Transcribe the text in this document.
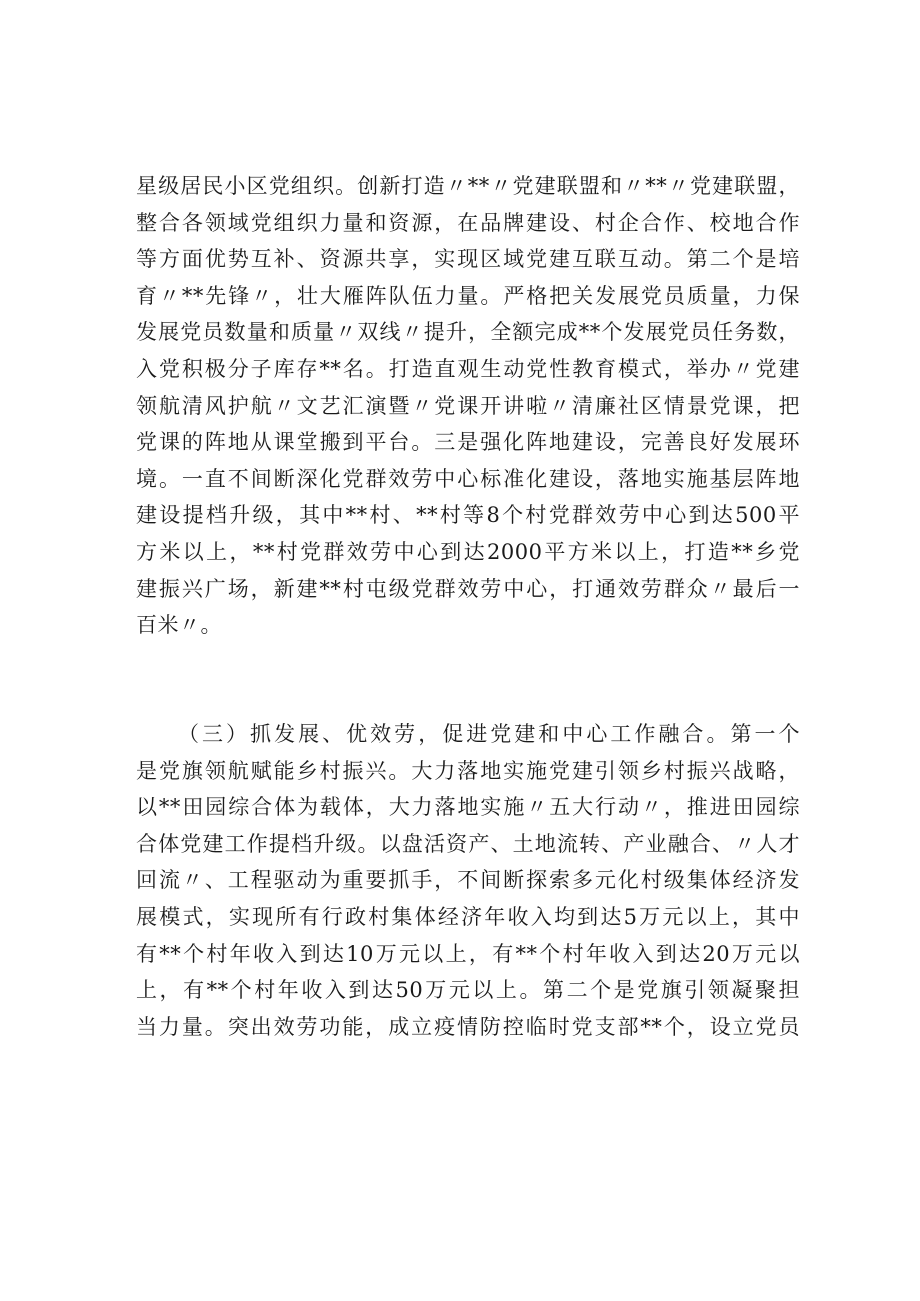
星级居民小区党组织。创新打造〃**〃党建联盟和〃**〃党建联盟，
整合各领域党组织力量和资源，在品牌建设、村企合作、校地合作
等方面优势互补、资源共享，实现区域党建互联互动。第二个是培
育〃**先锋〃，壮大雁阵队伍力量。严格把关发展党员质量，力保
发展党员数量和质量〃双线〃提升，全额完成**个发展党员任务数，
入党积极分子库存**名。打造直观生动党性教育模式，举办〃党建
领航清风护航〃文艺汇演暨〃党课开讲啦〃清廉社区情景党课，把
党课的阵地从课堂搬到平台。三是强化阵地建设，完善良好发展环
境。一直不间断深化党群效劳中心标准化建设，落地实施基层阵地
建设提档升级，其中**村、**村等8个村党群效劳中心到达500平
方米以上，**村党群效劳中心到达2000平方米以上，打造**乡党
建振兴广场，新建**村屯级党群效劳中心，打通效劳群众〃最后一
百米〃。
（三）抓发展、优效劳，促进党建和中心工作融合。第一个
是党旗领航赋能乡村振兴。大力落地实施党建引领乡村振兴战略，
以**田园综合体为载体，大力落地实施〃五大行动〃，推进田园综
合体党建工作提档升级。以盘活资产、土地流转、产业融合、〃人才
回流〃、工程驱动为重要抓手，不间断探索多元化村级集体经济发
展模式，实现所有行政村集体经济年收入均到达5万元以上，其中
有**个村年收入到达10万元以上，有**个村年收入到达20万元以
上，有**个村年收入到达50万元以上。第二个是党旗引领凝聚担
当力量。突出效劳功能，成立疫情防控临时党支部**个，设立党员
